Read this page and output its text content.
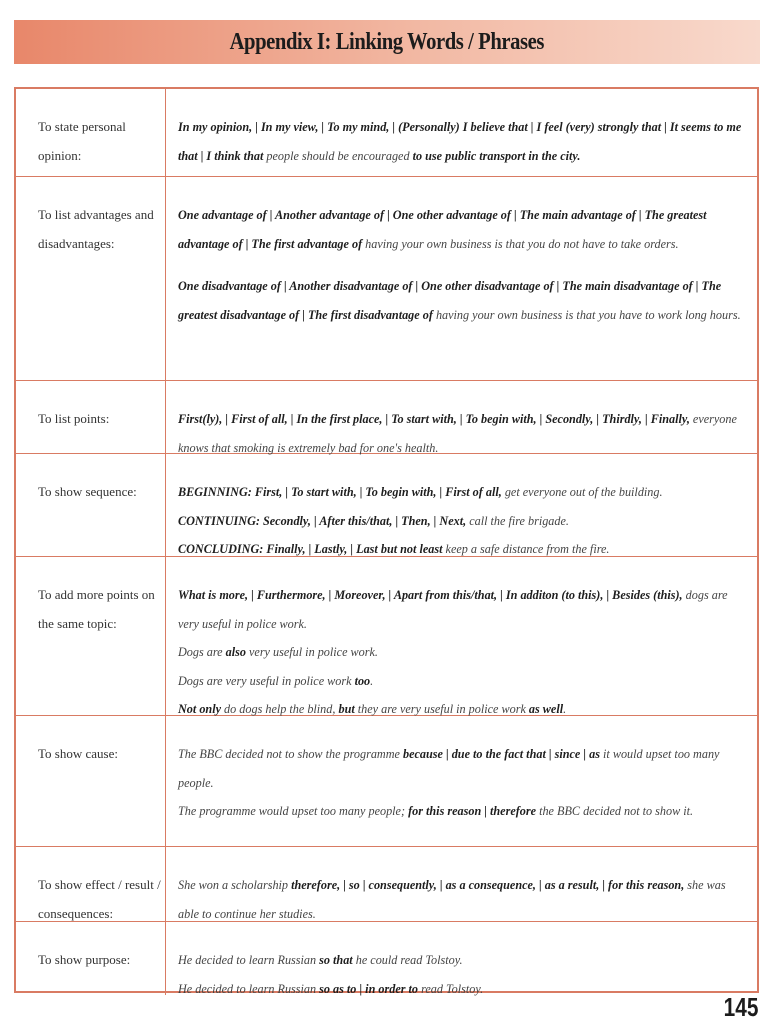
Appendix I: Linking Words / Phrases
To state personal opinion:
In my opinion, | In my view, | To my mind, | (Personally) I believe that | I feel (very) strongly that | It seems to me that | I think that people should be encouraged to use public transport in the city.
To list advantages and disadvantages:
One advantage of | Another advantage of | One other advantage of | The main advantage of | The greatest advantage of | The first advantage of having your own business is that you do not have to take orders.
One disadvantage of | Another disadvantage of | One other disadvantage of | The main disadvantage of | The greatest disadvantage of | The first disadvantage of having your own business is that you have to work long hours.
To list points:	First(ly), | First of all, | In the first place, | To start with, | To begin with, | Secondly, | Thirdly, | Finally, everyone knows that smoking is extremely bad for one's health.
To show sequence:	BEGINNING: First, | To start with, | To begin with, | First of all, get everyone out of the building.
CONTINUING: Secondly, | After this/that, | Then, | Next, call the fire brigade.
CONCLUDING: Finally, | Lastly, | Last but not least keep a safe distance from the fire.
To add more points on the same topic:
What is more, | Furthermore, | Moreover, | Apart from this/that, | In additon (to this), | Besides (this), dogs are very useful in police work.
Dogs are also very useful in police work.
Dogs are very useful in police work too.
Not only do dogs help the blind, but they are very useful in police work as well.
To show cause:	The BBC decided not to show the programme because | due to the fact that | since | as it would upset too many people.
The programme would upset too many people; for this reason | therefore the BBC decided not to show it.
To show effect / result / consequences:
She won a scholarship therefore, | so | consequently, | as a consequence, | as a result, | for this reason, she was able to continue her studies.
To show purpose:	He decided to learn Russian so that he could read Tolstoy.
He decided to learn Russian so as to | in order to read Tolstoy.
145
